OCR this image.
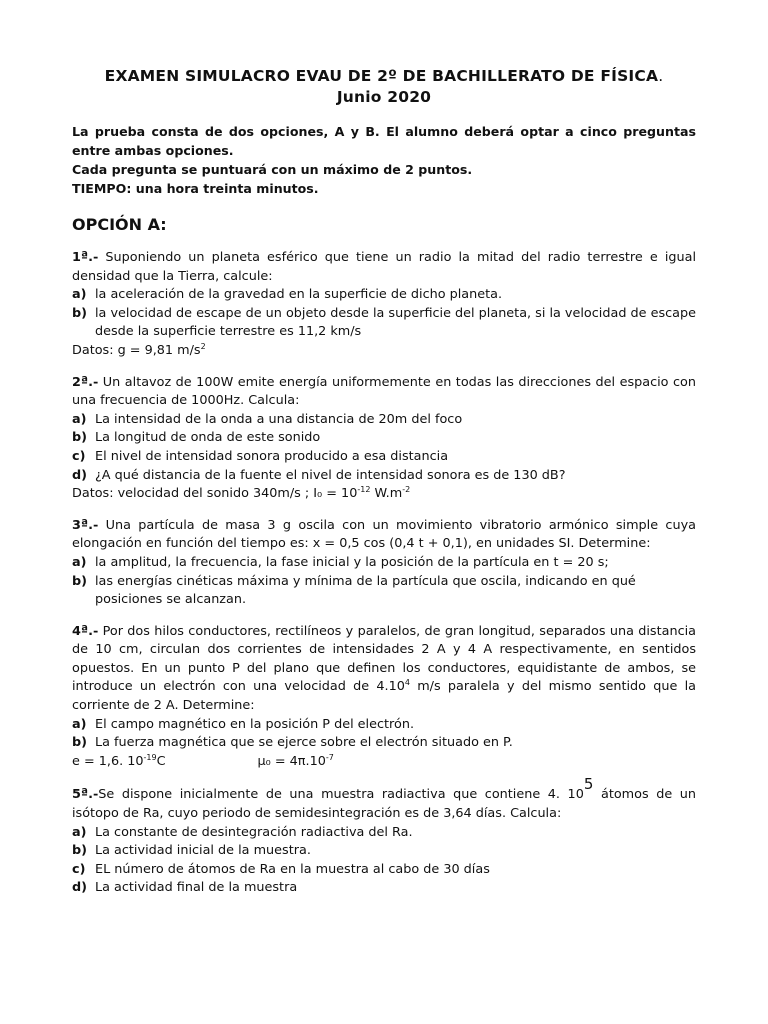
EXAMEN SIMULACRO EVAU DE 2º DE BACHILLERATO DE FÍSICA.
Junio 2020

La prueba consta de dos opciones, A y B. El alumno deberá optar a cinco preguntas entre ambas opciones.

Cada pregunta se puntuará con un máximo de 2 puntos.

TIEMPO: una hora treinta minutos.

OPCIÓN A:

1ª.- Suponiendo un planeta esférico que tiene un radio la mitad del radio terrestre e igual densidad que la Tierra, calcule:

a) la aceleración de la gravedad en la superficie de dicho planeta.
b) la velocidad de escape de un objeto desde la superficie del planeta, si la velocidad de escape desde la superficie terrestre es 11,2 km/s

Datos: g = 9,81 $m/s^2$

2ª.- Un altavoz de 100W emite energía uniformemente en todas las direcciones del espacio con una frecuencia de 1000Hz. Calcula:

a) La intensidad de la onda a una distancia de 20m del foco
b) La longitud de onda de este sonido
c) El nivel de intensidad sonora producido a esa distancia
d) ¿A qué distancia de la fuente el nivel de intensidad sonora es de 130 dB?

Datos: velocidad del sonido 340m/s ; $I_0 = 10^{-12}$ $W.m^{-2}$

3ª.- Una partícula de masa 3 g oscila con un movimiento vibratorio armónico simple cuya elongación en función del tiempo es: x = 0,5 cos (0,4 t + 0,1), en unidades SI. Determine:

a) la amplitud, la frecuencia, la fase inicial y la posición de la partícula en t = 20 s;
b) las energías cinéticas máxima y mínima de la partícula que oscila, indicando en qué posiciones se alcanzan.

4ª.- Por dos hilos conductores, rectilíneos y paralelos, de gran longitud, separados una distancia de 10 cm, circulan dos corrientes de intensidades 2 A y 4 A respectivamente, en sentidos opuestos. En un punto P del plano que definen los conductores, equidistante de ambos, se introduce un electrón con una velocidad de 4.10$^4$ m/s paralela y del mismo sentido que la corriente de 2 A. Determine:

a) El campo magnético en la posición P del electrón.
b) La fuerza magnética que se ejerce sobre el electrón situado en P.

e = 1,6. $10^{-19}C$	$\mu_0 = 4\pi.10^{-7}$

5ª.-Se dispone inicialmente de una muestra radiactiva que contiene 4. $10^5$ átomos de un isótopo de Ra, cuyo periodo de semidesintegración es de 3,64 días. Calcula:

a) La constante de desintegración radiactiva del Ra.
b) La actividad inicial de la muestra.
c) EL número de átomos de Ra en la muestra al cabo de 30 días
d) La actividad final de la muestra
